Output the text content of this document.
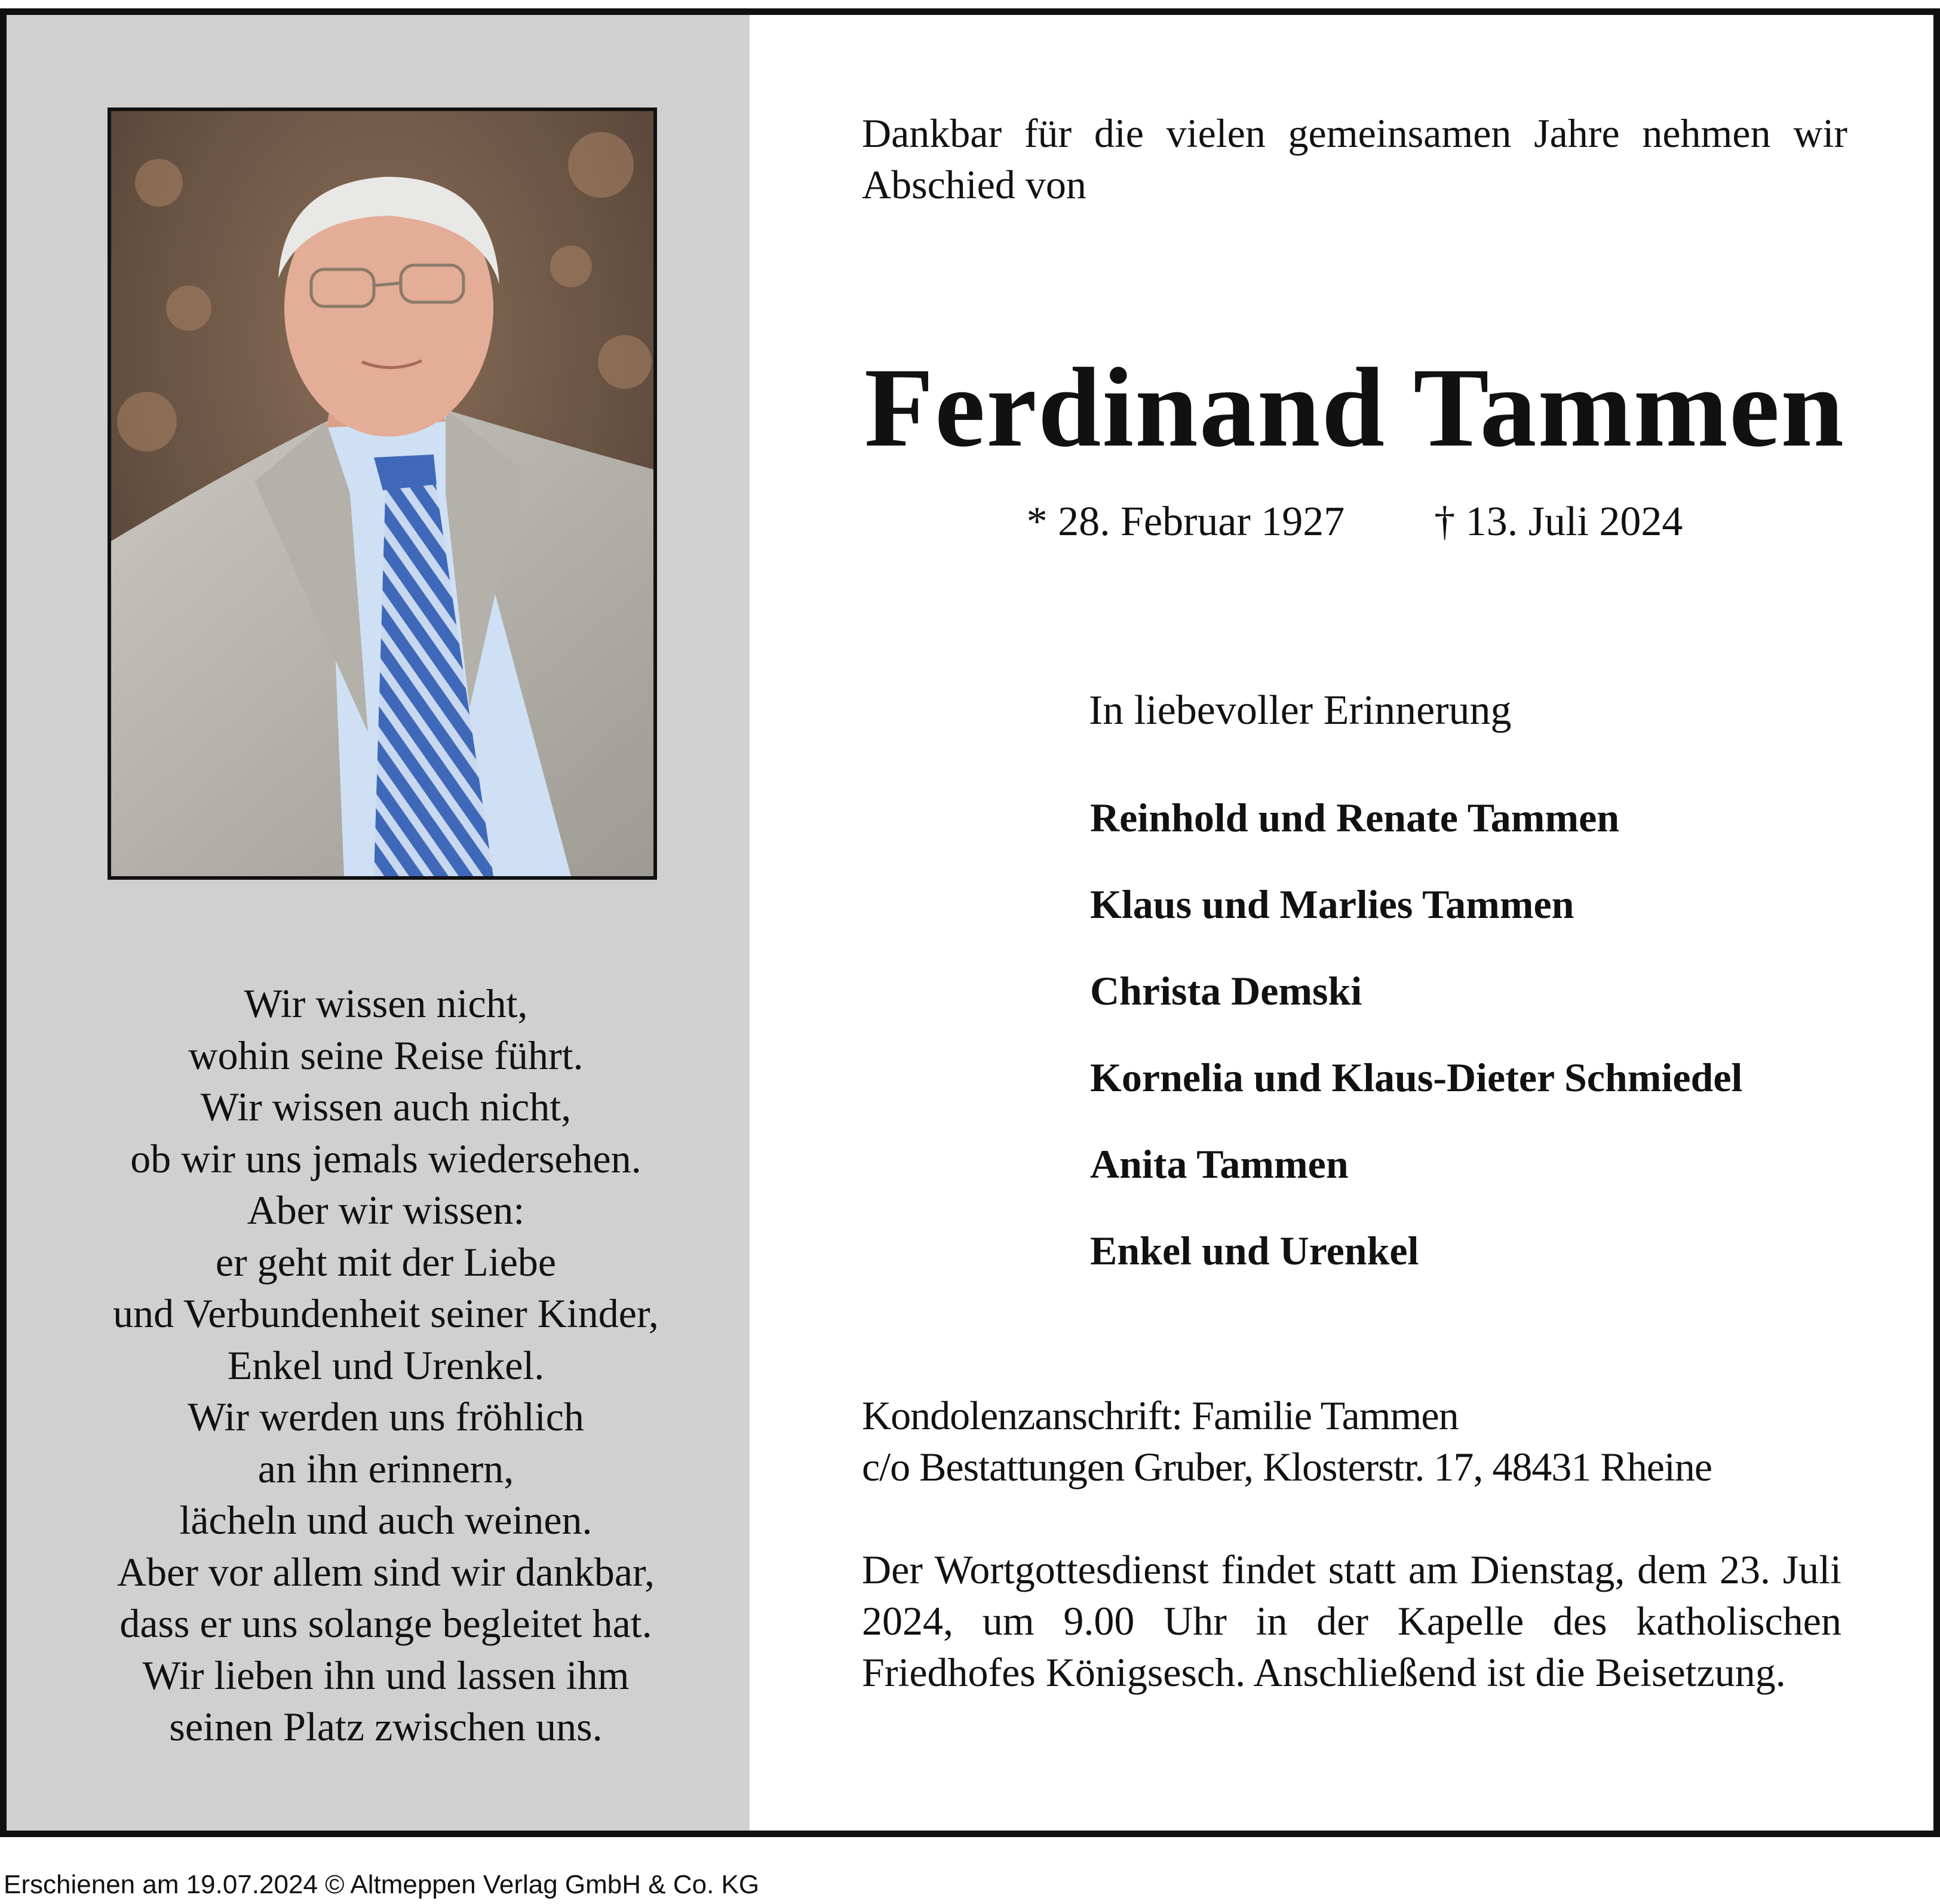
Wir wissen nicht,
wohin seine Reise führt.
Wir wissen auch nicht,
ob wir uns jemals wiedersehen.
Aber wir wissen:
er geht mit der Liebe
und Verbundenheit seiner Kinder,
Enkel und Urenkel.
Wir werden uns fröhlich
an ihn erinnern,
lächeln und auch weinen.
Aber vor allem sind wir dankbar,
dass er uns solange begleitet hat.
Wir lieben ihn und lassen ihm
seinen Platz zwischen uns.
Dankbar für die vielen gemeinsamen Jahre nehmen wir Abschied von
Ferdinand Tammen
* 28. Februar 1927 † 13. Juli 2024
In liebevoller Erinnerung
Reinhold und Renate Tammen
Klaus und Marlies Tammen
Christa Demski
Kornelia und Klaus-Dieter Schmiedel
Anita Tammen
Enkel und Urenkel
Kondolenzanschrift: Familie Tammen
c/o Bestattungen Gruber, Klosterstr. 17, 48431 Rheine
Der Wortgottesdienst findet statt am Dienstag, dem 23. Juli 2024, um 9.00 Uhr in der Kapelle des katholischen Friedhofes Königsesch. Anschließend ist die Beisetzung.
Erschienen am 19.07.2024 © Altmeppen Verlag GmbH & Co. KG
